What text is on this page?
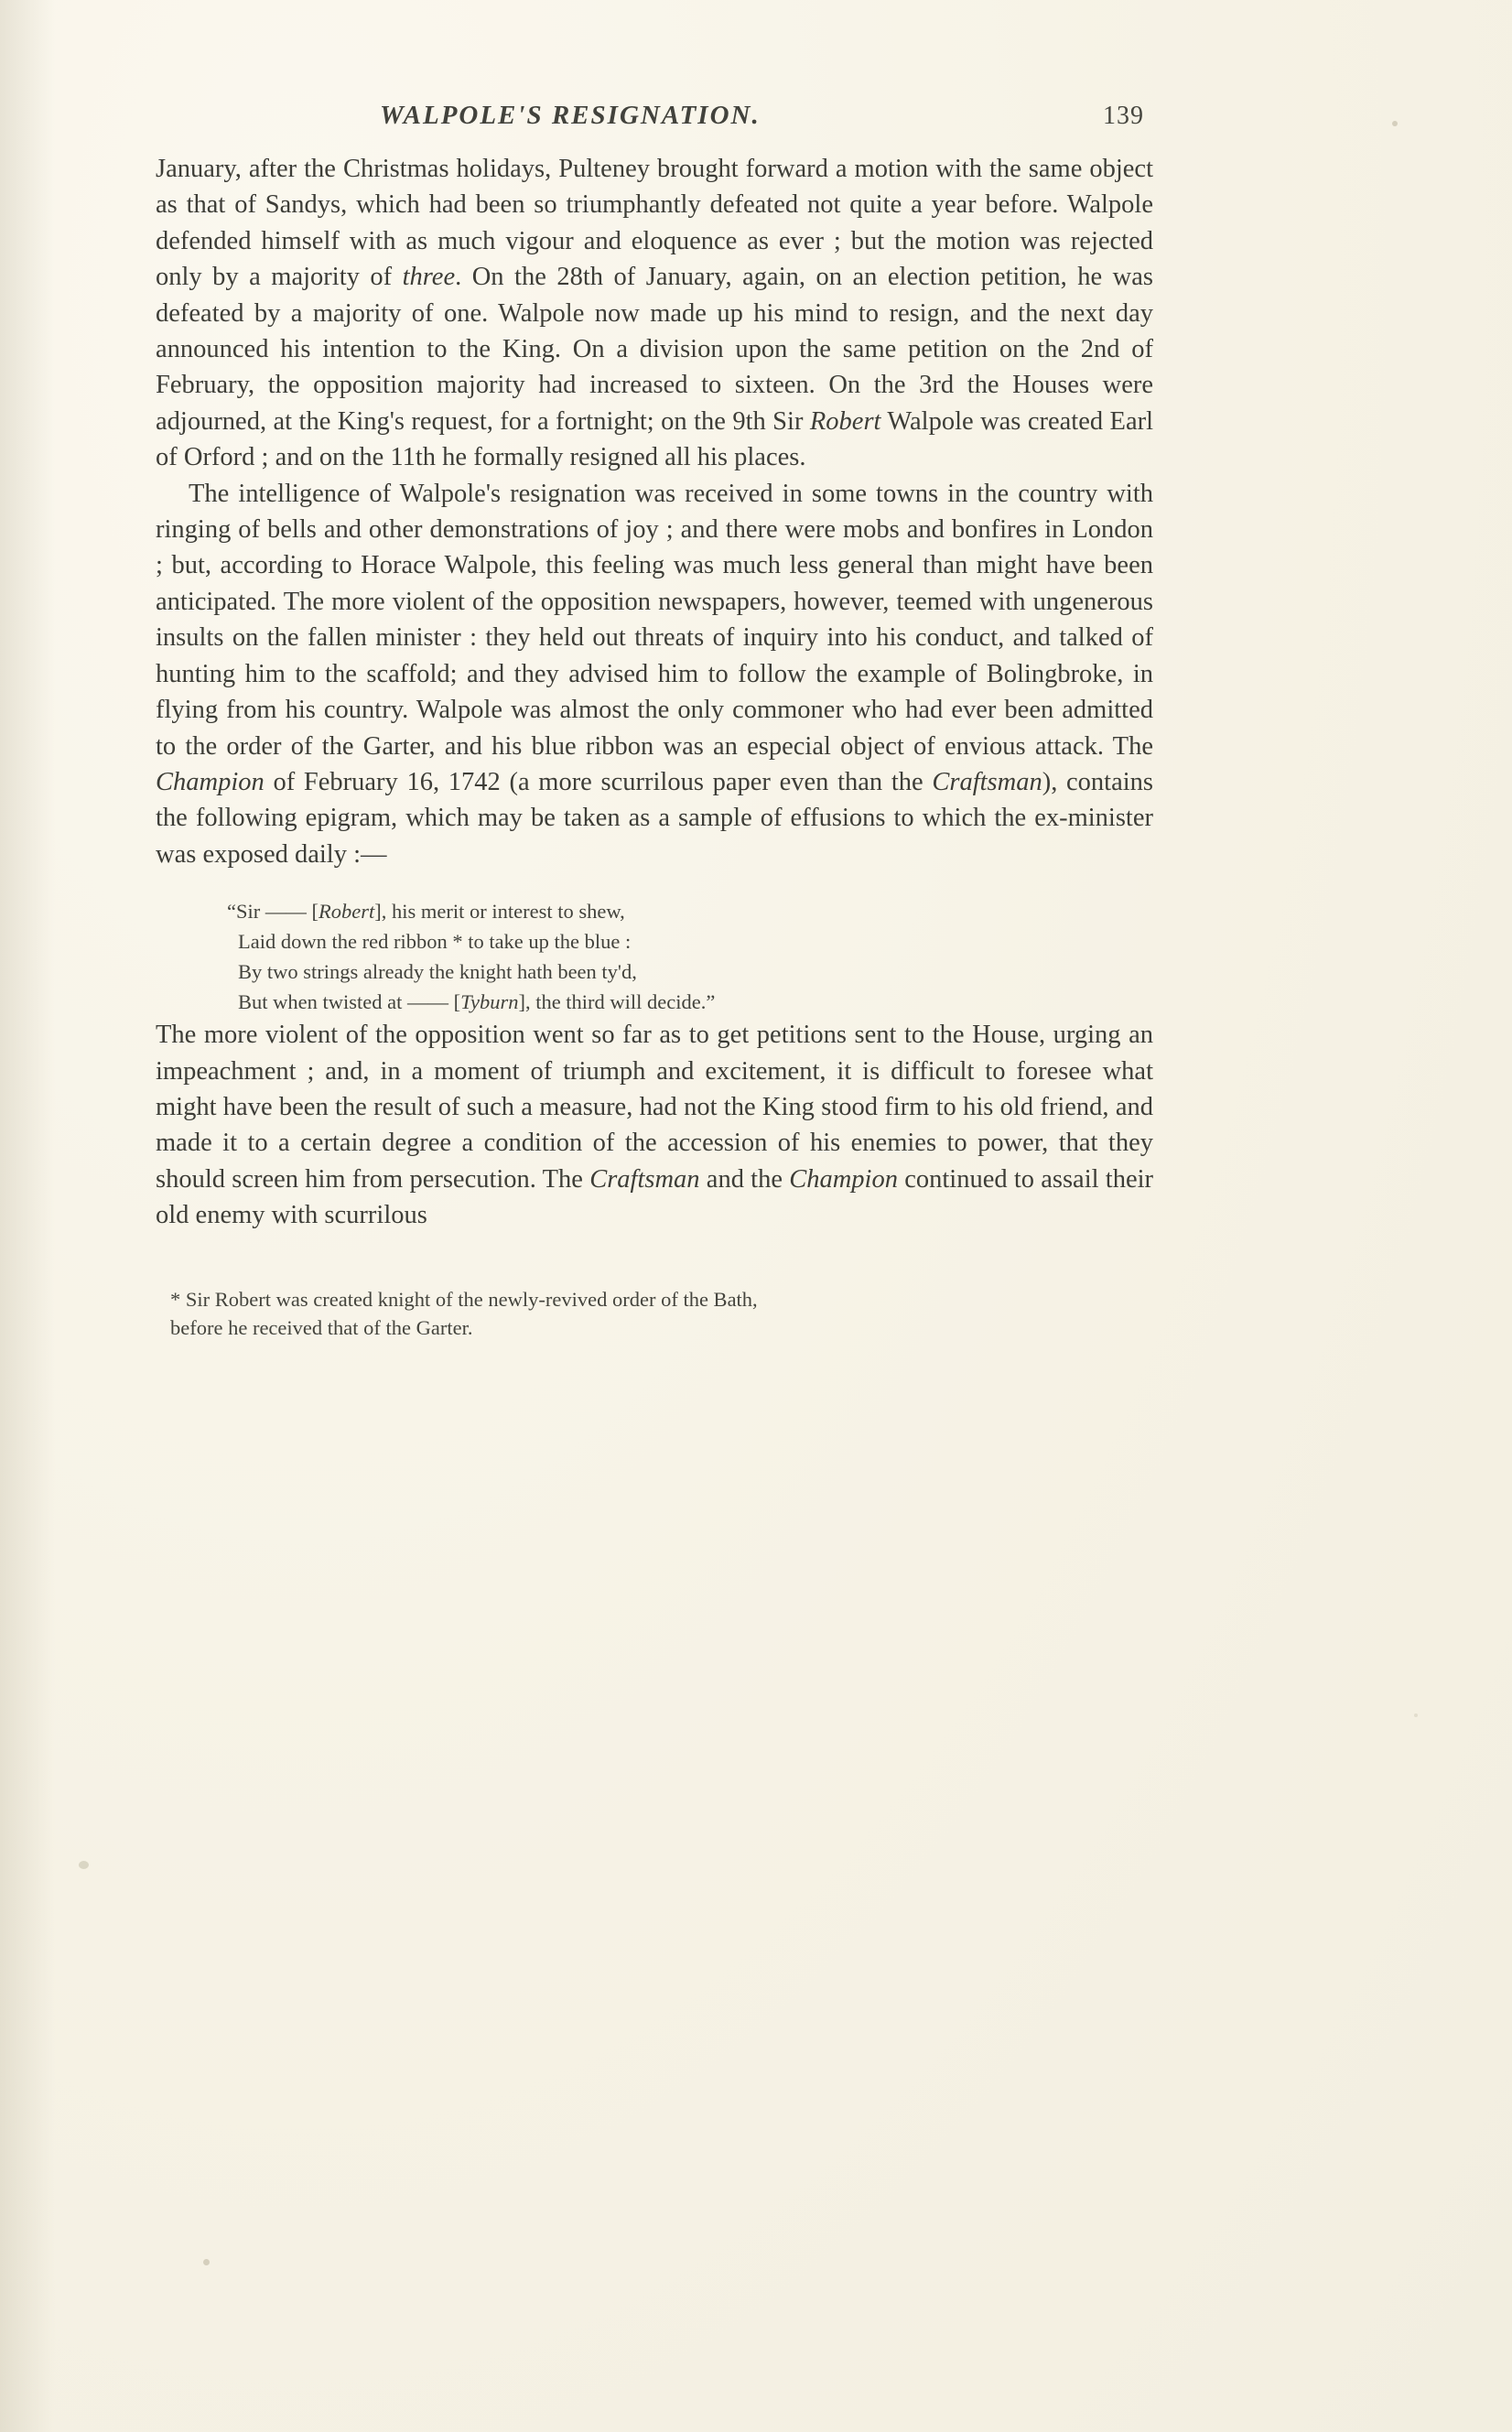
WALPOLE'S RESIGNATION.	139

January, after the Christmas holidays, Pulteney brought forward a motion with the same object as that of Sandys, which had been so triumphantly defeated not quite a year before. Walpole defended himself with as much vigour and eloquence as ever ; but the motion was rejected only by a majority of three. On the 28th of January, again, on an election petition, he was defeated by a majority of one. Walpole now made up his mind to resign, and the next day announced his intention to the King. On a division upon the same petition on the 2nd of February, the opposition majority had increased to sixteen. On the 3rd the Houses were adjourned, at the King's request, for a fortnight; on the 9th Sir Robert Walpole was created Earl of Orford ; and on the 11th he formally resigned all his places.

The intelligence of Walpole's resignation was received in some towns in the country with ringing of bells and other demonstrations of joy ; and there were mobs and bonfires in London ; but, according to Horace Walpole, this feeling was much less general than might have been anticipated. The more violent of the opposition newspapers, however, teemed with ungenerous insults on the fallen minister : they held out threats of inquiry into his conduct, and talked of hunting him to the scaffold; and they advised him to follow the example of Bolingbroke, in flying from his country. Walpole was almost the only commoner who had ever been admitted to the order of the Garter, and his blue ribbon was an especial object of envious attack. The Champion of February 16, 1742 (a more scurrilous paper even than the Craftsman), contains the following epigram, which may be taken as a sample of effusions to which the ex-minister was exposed daily :—

“Sir —— [Robert], his merit or interest to shew,
Laid down the red ribbon * to take up the blue :
By two strings already the knight hath been ty'd,
But when twisted at —— [Tyburn], the third will decide.”

The more violent of the opposition went so far as to get petitions sent to the House, urging an impeachment ; and, in a moment of triumph and excitement, it is difficult to foresee what might have been the result of such a measure, had not the King stood firm to his old friend, and made it to a certain degree a condition of the accession of his enemies to power, that they should screen him from persecution. The Craftsman and the Champion continued to assail their old enemy with scurrilous

* Sir Robert was created knight of the newly-revived order of the Bath,
before he received that of the Garter.
